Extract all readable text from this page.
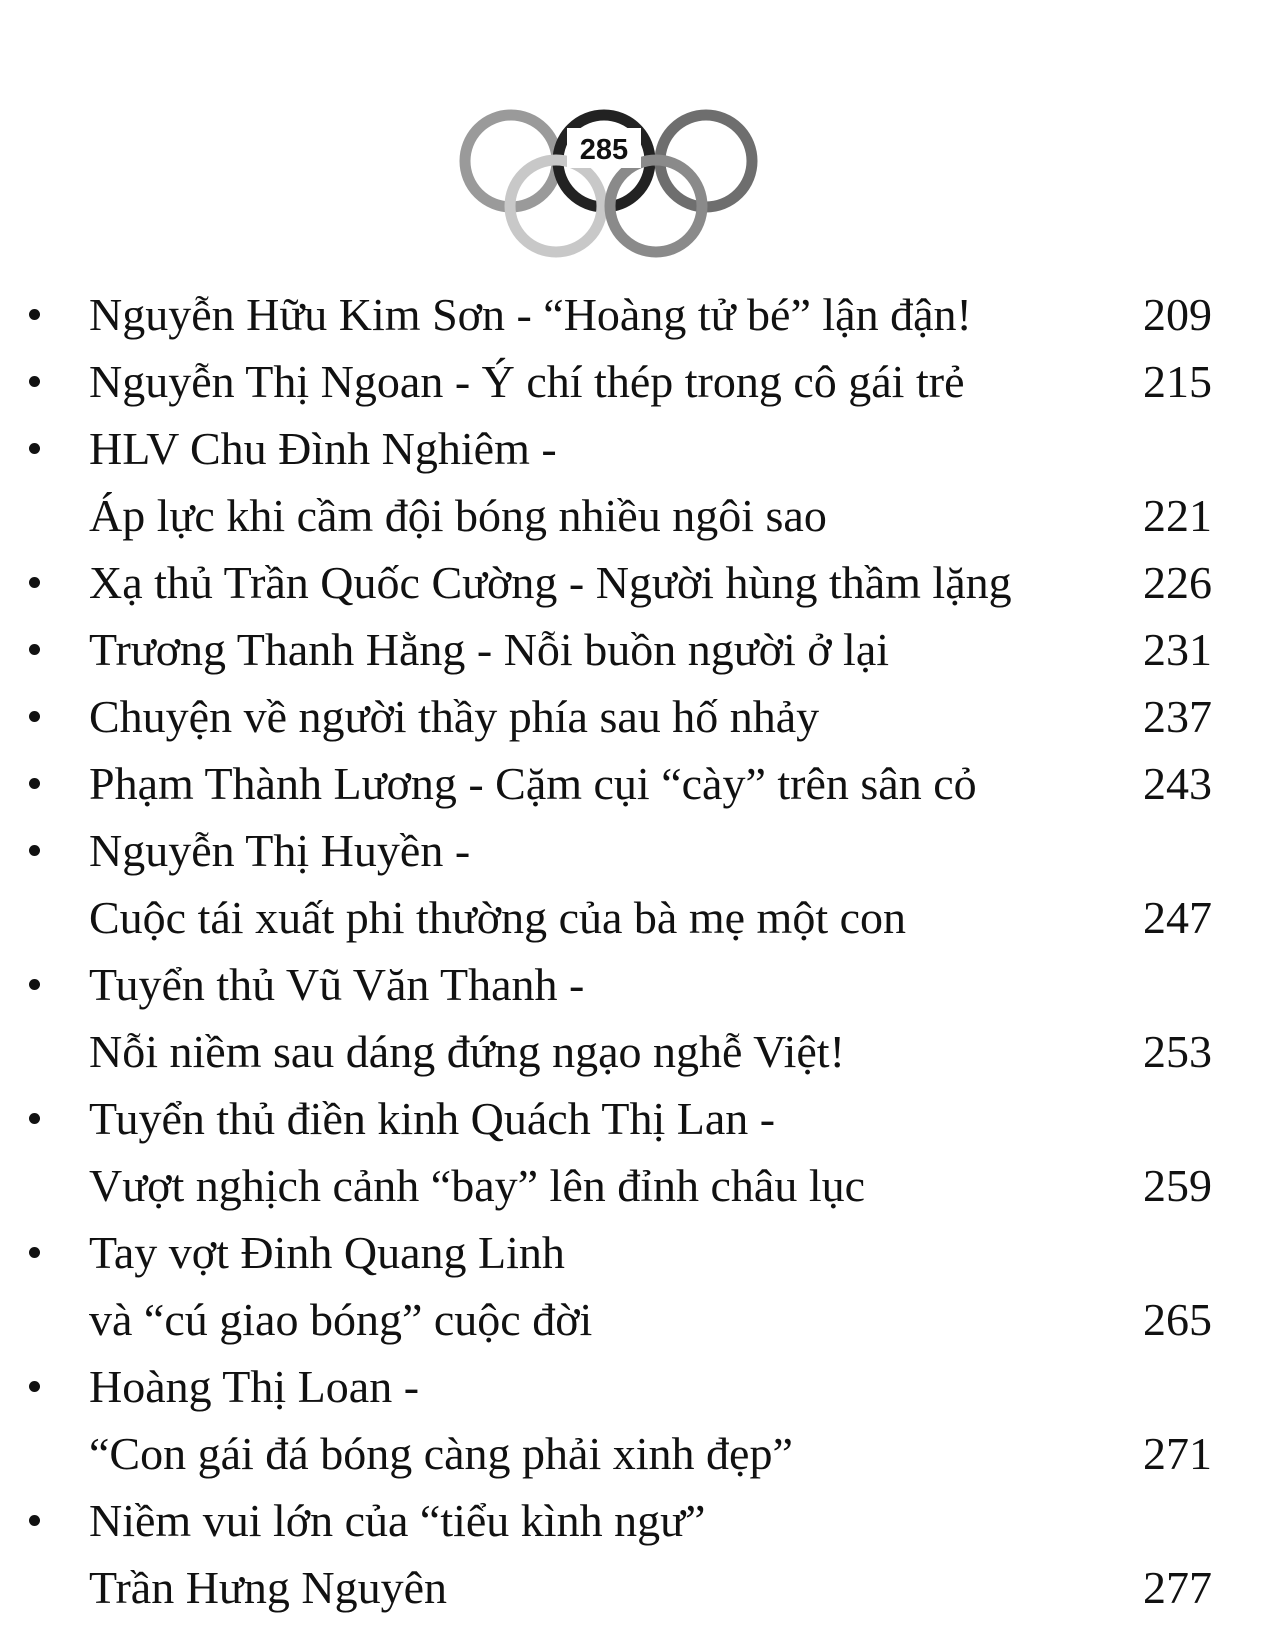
285
Nguyễn Hữu Kim Sơn - “Hoàng tử bé” lận đận!	209
Nguyễn Thị Ngoan - Ý chí thép trong cô gái trẻ	215
HLV Chu Đình Nghiêm -
Áp lực khi cầm đội bóng nhiều ngôi sao	221
Xạ thủ Trần Quốc Cường - Người hùng thầm lặng	226
Trương Thanh Hằng - Nỗi buồn người ở lại	231
Chuyện về người thầy phía sau hố nhảy	237
Phạm Thành Lương - Cặm cụi “cày” trên sân cỏ	243
Nguyễn Thị Huyền -
Cuộc tái xuất phi thường của bà mẹ một con	247
Tuyển thủ Vũ Văn Thanh -
Nỗi niềm sau dáng đứng ngạo nghễ Việt!	253
Tuyển thủ điền kinh Quách Thị Lan -
Vượt nghịch cảnh “bay” lên đỉnh châu lục	259
Tay vợt Đinh Quang Linh
và “cú giao bóng” cuộc đời	265
Hoàng Thị Loan -
“Con gái đá bóng càng phải xinh đẹp”	271
Niềm vui lớn của “tiểu kình ngư”
Trần Hưng Nguyên	277
